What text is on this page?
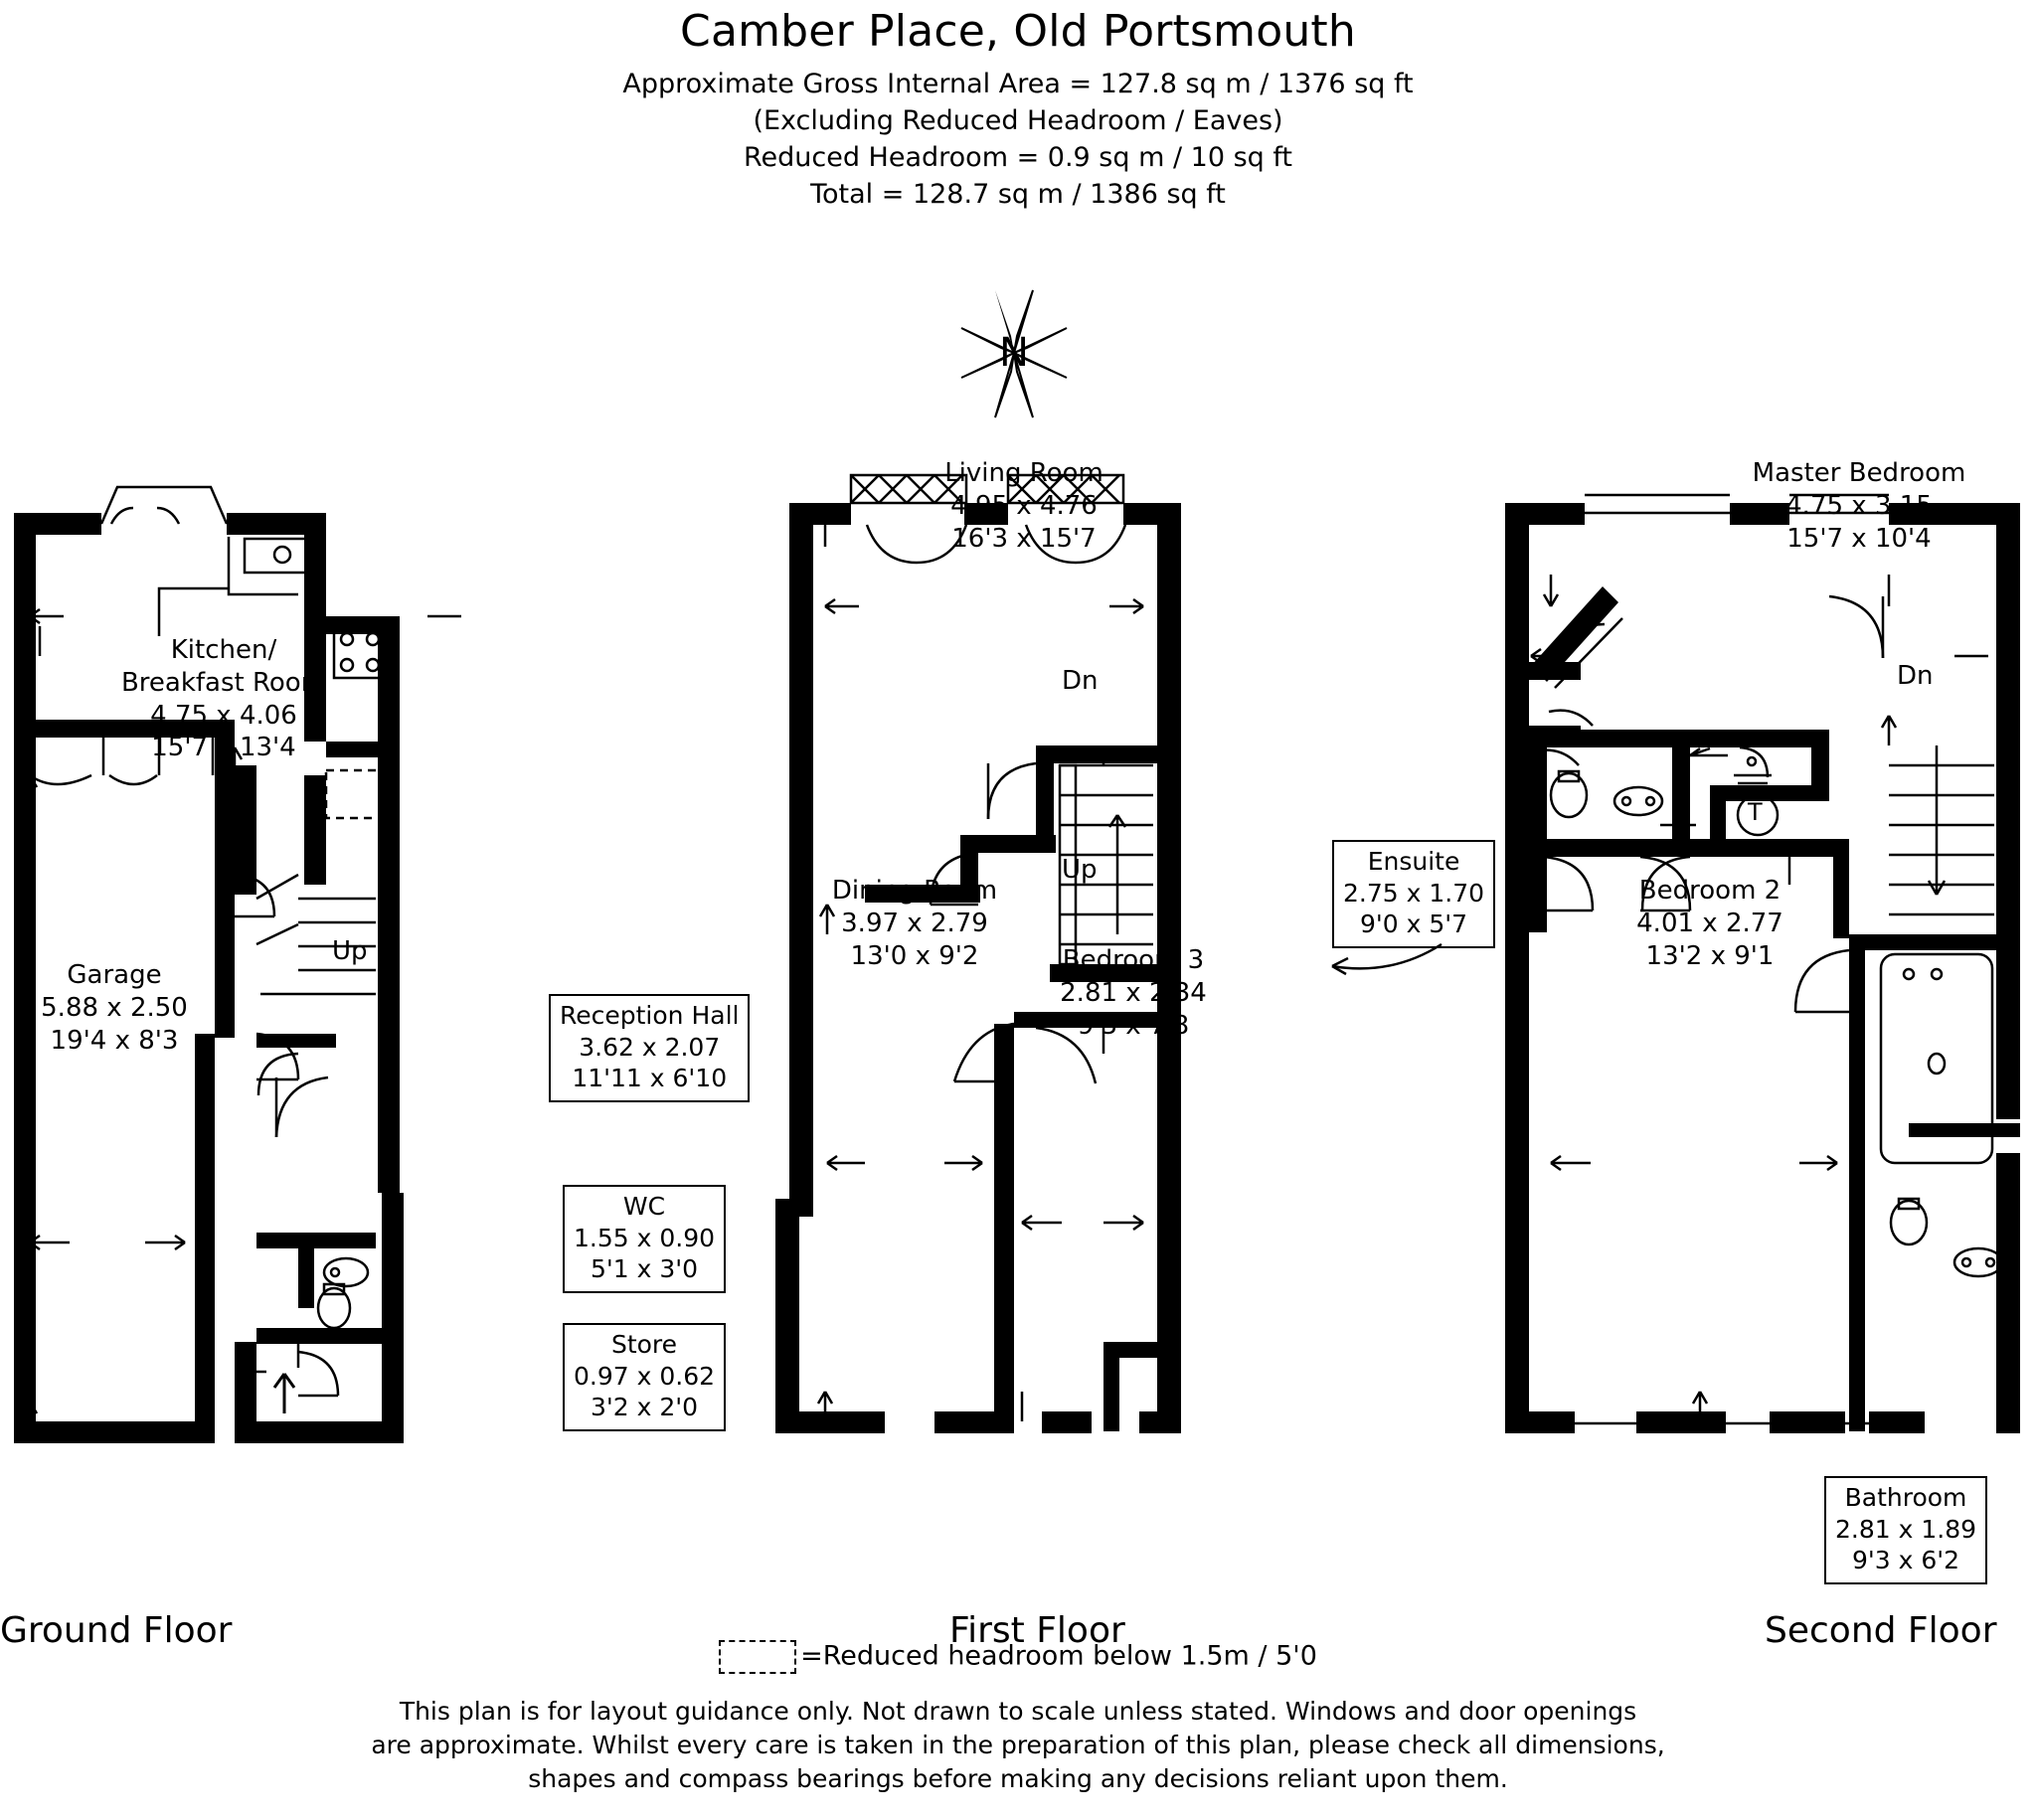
Camber Place, Old Portsmouth
Approximate Gross Internal Area = 127.8 sq m / 1376 sq ft
(Excluding Reduced Headroom / Eaves)
Reduced Headroom = 0.9 sq m / 10 sq ft
Total = 128.7 sq m / 1386 sq ft
N
Kitchen/
Breakfast Room
4.75 x 4.06
15'7 x 13'4
Garage
5.88 x 2.50
19'4 x 8'3
Up
Up
IN
Reception Hall
3.62 x 2.07
11'11 x 6'10
WC
1.55 x 0.90
5'1 x 3'0
Store
0.97 x 0.62
3'2 x 2'0
Living Room
4.95 x 4.76
16'3 x 15'7
Dining Room
3.97 x 2.79
13'0 x 9'2	Bedroom 3
2.81 x 2.34
9'3 x 7'8
Dn
Up
Master Bedroom
4.75 x 3.15
15'7 x 10'4
Bedroom 2
4.01 x 2.77
13'2 x 9'1
Dn
T
Ensuite
2.75 x 1.70
9'0 x 5'7
Bathroom
2.81 x 1.89
9'3 x 6'2
Ground Floor	First Floor	Second Floor
=Reduced headroom below 1.5m / 5'0
This plan is for layout guidance only. Not drawn to scale unless stated. Windows and door openings
are approximate. Whilst every care is taken in the preparation of this plan, please check all dimensions,
shapes and compass bearings before making any decisions reliant upon them.
